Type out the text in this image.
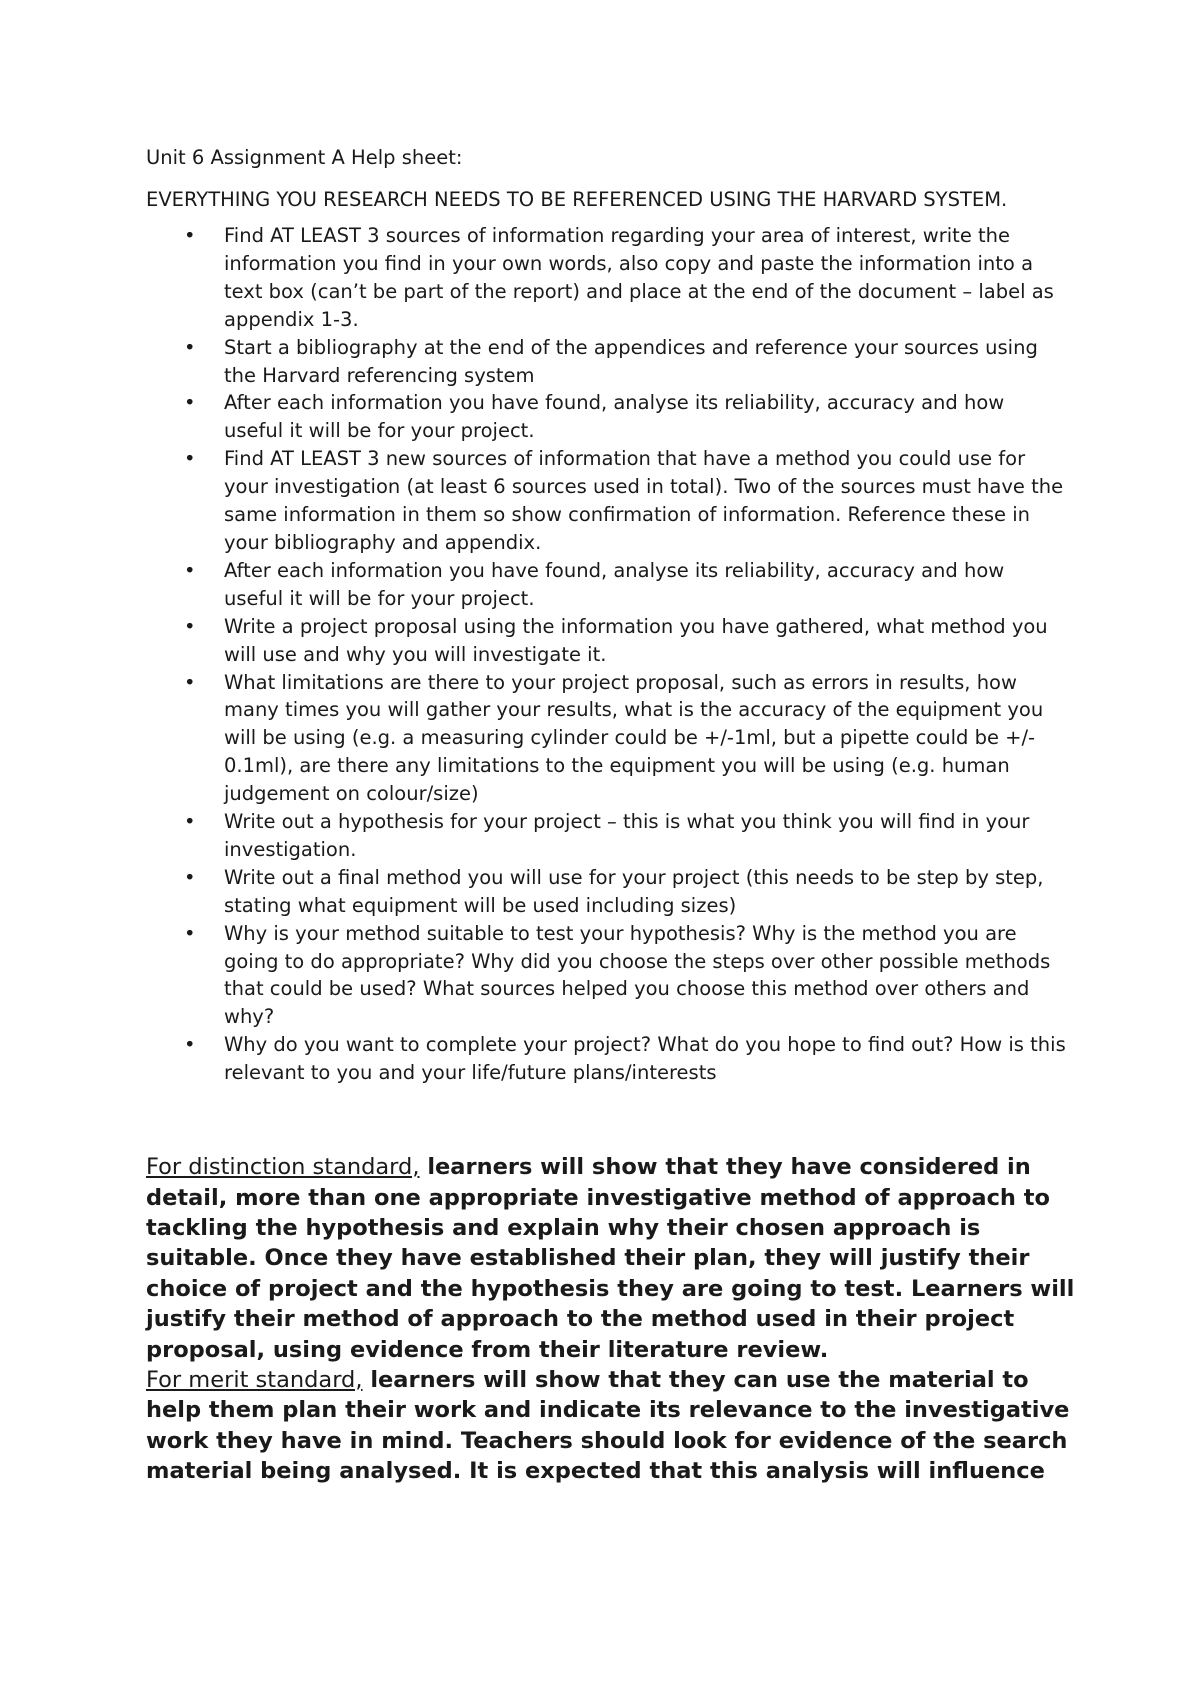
Unit 6 Assignment A Help sheet:

EVERYTHING YOU RESEARCH NEEDS TO BE REFERENCED USING THE HARVARD SYSTEM.

• Find AT LEAST 3 sources of information regarding your area of interest, write the information you find in your own words, also copy and paste the information into a text box (can’t be part of the report) and place at the end of the document – label as appendix 1-3.
• Start a bibliography at the end of the appendices and reference your sources using the Harvard referencing system
• After each information you have found, analyse its reliability, accuracy and how useful it will be for your project.
• Find AT LEAST 3 new sources of information that have a method you could use for your investigation (at least 6 sources used in total). Two of the sources must have the same information in them so show confirmation of information. Reference these in your bibliography and appendix.
• After each information you have found, analyse its reliability, accuracy and how useful it will be for your project.
• Write a project proposal using the information you have gathered, what method you will use and why you will investigate it.
• What limitations are there to your project proposal, such as errors in results, how many times you will gather your results, what is the accuracy of the equipment you will be using (e.g. a measuring cylinder could be +/-1ml, but a pipette could be +/- 0.1ml), are there any limitations to the equipment you will be using (e.g. human judgement on colour/size)
• Write out a hypothesis for your project – this is what you think you will find in your investigation.
• Write out a final method you will use for your project (this needs to be step by step, stating what equipment will be used including sizes)
• Why is your method suitable to test your hypothesis? Why is the method you are going to do appropriate? Why did you choose the steps over other possible methods that could be used? What sources helped you choose this method over others and why?
• Why do you want to complete your project? What do you hope to find out? How is this relevant to you and your life/future plans/interests

For distinction standard, learners will show that they have considered in detail, more than one appropriate investigative method of approach to tackling the hypothesis and explain why their chosen approach is suitable. Once they have established their plan, they will justify their choice of project and the hypothesis they are going to test. Learners will justify their method of approach to the method used in their project proposal, using evidence from their literature review.

For merit standard, learners will show that they can use the material to help them plan their work and indicate its relevance to the investigative work they have in mind. Teachers should look for evidence of the search material being analysed. It is expected that this analysis will influence
